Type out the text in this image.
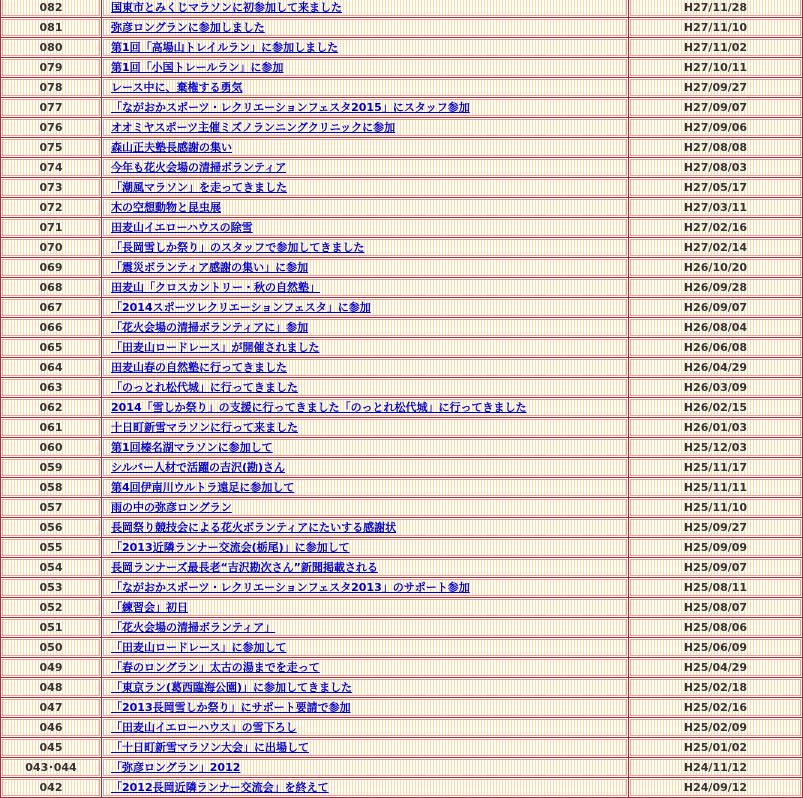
082	国東市とみくじマラソンに初参加して来ました	H27/11/28
081	弥彦ロングランに参加しました	H27/11/10
080	第1回「高場山トレイルラン」に参加しました	H27/11/02
079	第1回「小国トレールラン」に参加	H27/10/11
078	レース中に、棄権する勇気	H27/09/27
077	「ながおかスポーツ・レクリエーションフェスタ2015」にスタッフ参加	H27/09/07
076	オオミヤスポーツ主催ミズノランニングクリニックに参加	H27/09/06
075	森山正夫塾長感謝の集い	H27/08/08
074	今年も花火会場の清掃ボランティア	H27/08/03
073	「潮風マラソン」を走ってきました	H27/05/17
072	木の空想動物と昆虫展	H27/03/11
071	田麦山イエローハウスの除雪	H27/02/16
070	「長岡雪しか祭り」のスタッフで参加してきました	H27/02/14
069	「震災ボランティア感謝の集い」に参加	H26/10/20
068	田麦山「クロスカントリー・秋の自然塾」	H26/09/28
067	「2014スポーツレクリエーションフェスタ」に参加	H26/09/07
066	「花火会場の清掃ボランティアに」参加	H26/08/04
065	「田麦山ロードレース」が開催されました	H26/06/08
064	田麦山春の自然塾に行ってきました	H26/04/29
063	「のっとれ松代城」に行ってきました	H26/03/09
062	2014「雪しか祭り」の支援に行ってきました「のっとれ松代城」に行ってきました	H26/02/15
061	十日町新雪マラソンに行って来ました	H26/01/03
060	第1回榛名湖マラソンに参加して	H25/12/03
059	シルバー人材で活躍の吉沢(勘)さん	H25/11/17
058	第4回伊南川ウルトラ遠足に参加して	H25/11/11
057	雨の中の弥彦ロングラン	H25/11/10
056	長岡祭り競技会による花火ボランティアにたいする感謝状	H25/09/27
055	「2013近隣ランナー交流会(栃尾)」に参加して	H25/09/09
054	長岡ランナーズ最長老“吉沢勘次さん”新聞掲載される	H25/09/07
053	「ながおかスポーツ・レクリエーションフェスタ2013」のサポート参加	H25/08/11
052	「練習会」初日	H25/08/07
051	「花火会場の清掃ボランティア」	H25/08/06
050	「田麦山ロードレース」に参加して	H25/06/09
049	「春のロングラン」太古の湯までを走って	H25/04/29
048	「東京ラン(葛西臨海公園)」に参加してきました	H25/02/18
047	「2013長岡雪しか祭り」にサポート要請で参加	H25/02/16
046	「田麦山イエローハウス」の雪下ろし	H25/02/09
045	「十日町新雪マラソン大会」に出場して	H25/01/02
043･044	「弥彦ロングラン」2012	H24/11/12
042	「2012長岡近隣ランナー交流会」を終えて	H24/09/12
